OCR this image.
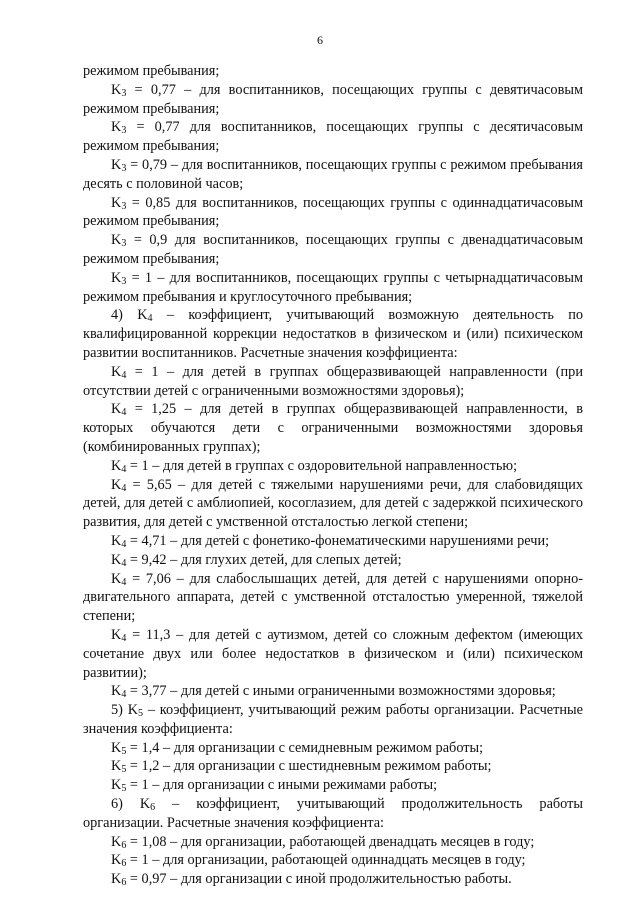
6

режимом пребывания;

$K_3 = 0,77$ – для воспитанников, посещающих группы с девятичасовым режимом пребывания;

$K_3 = 0,77$ для воспитанников, посещающих группы с десятичасовым режимом пребывания;

$K_3 = 0,79$ – для воспитанников, посещающих группы с режимом пребывания десять с половиной часов;

$K_3 = 0,85$ для воспитанников, посещающих группы с одиннадцатичасовым режимом пребывания;

$K_3 = 0,9$ для воспитанников, посещающих группы с двенадцатичасовым режимом пребывания;

$K_3 = 1$ – для воспитанников, посещающих группы с четырнадцатичасовым режимом пребывания и круглосуточного пребывания;

4) $K_4$ – коэффициент, учитывающий возможную деятельность по квалифицированной коррекции недостатков в физическом и (или) психическом развитии воспитанников. Расчетные значения коэффициента:

$K_4 = 1$ – для детей в группах общеразвивающей направленности (при отсутствии детей с ограниченными возможностями здоровья);

$K_4 = 1,25$ – для детей в группах общеразвивающей направленности, в которых обучаются дети с ограниченными возможностями здоровья (комбинированных группах);

$K_4 = 1$ – для детей в группах с оздоровительной направленностью;

$K_4 = 5,65$ – для детей с тяжелыми нарушениями речи, для слабовидящих детей, для детей с амблиопией, косоглазием, для детей с задержкой психического развития, для детей с умственной отсталостью легкой степени;

$K_4 = 4,71$ – для детей с фонетико-фонематическими нарушениями речи;

$K_4 = 9,42$ – для глухих детей, для слепых детей;

$K_4 = 7,06$ – для слабослышащих детей, для детей с нарушениями опорно-двигательного аппарата, детей с умственной отсталостью умеренной, тяжелой степени;

$K_4 = 11,3$ – для детей с аутизмом, детей со сложным дефектом (имеющих сочетание двух или более недостатков в физическом и (или) психическом развитии);

$K_4 = 3,77$ – для детей с иными ограниченными возможностями здоровья;

5) $K_5$ – коэффициент, учитывающий режим работы организации. Расчетные значения коэффициента:

$K_5 = 1,4$ – для организации с семидневным режимом работы;

$K_5 = 1,2$ – для организации с шестидневным режимом работы;

$K_5 = 1$ – для организации с иными режимами работы;

6) $K_6$ – коэффициент, учитывающий продолжительность работы организации. Расчетные значения коэффициента:

$K_6 = 1,08$ – для организации, работающей двенадцать месяцев в году;

$K_6 = 1$ – для организации, работающей одиннадцать месяцев в году;

$K_6 = 0,97$ – для организации с иной продолжительностью работы.
